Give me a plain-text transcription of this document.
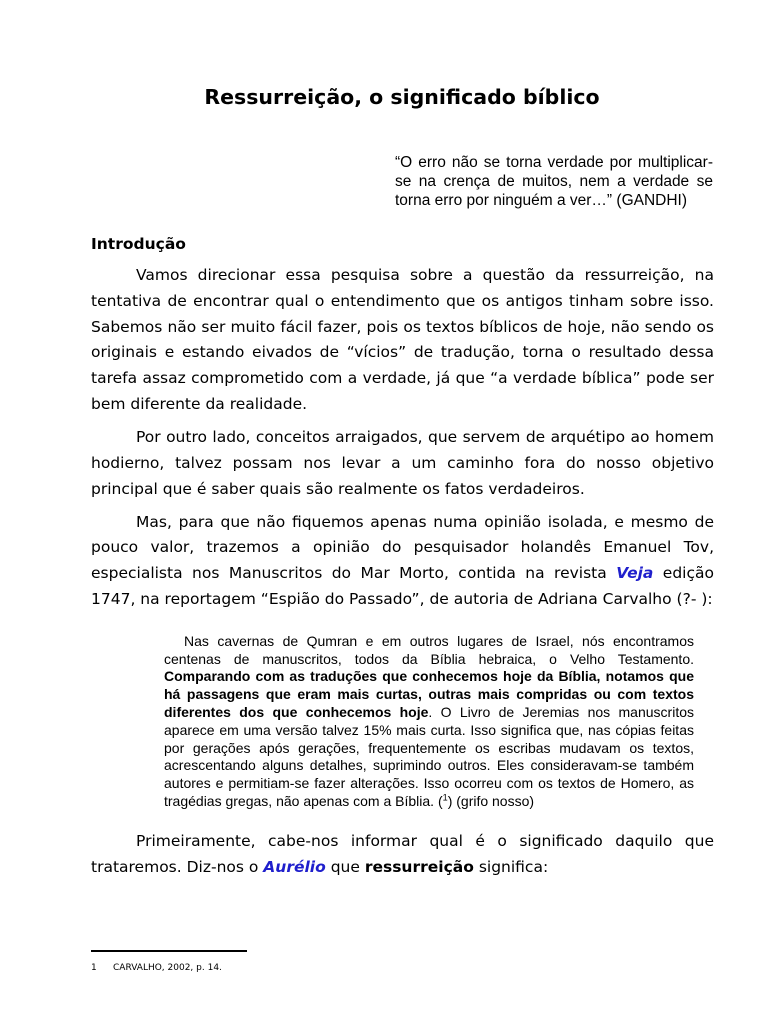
Ressurreição, o significado bíblico

“O erro não se torna verdade por multiplicar-se na crença de muitos, nem a verdade se torna erro por ninguém a ver…” (GANDHI)

Introdução

Vamos direcionar essa pesquisa sobre a questão da ressurreição, na tentativa de encontrar qual o entendimento que os antigos tinham sobre isso. Sabemos não ser muito fácil fazer, pois os textos bíblicos de hoje, não sendo os originais e estando eivados de “vícios” de tradução, torna o resultado dessa tarefa assaz comprometido com a verdade, já que “a verdade bíblica” pode ser bem diferente da realidade.

Por outro lado, conceitos arraigados, que servem de arquétipo ao homem hodierno, talvez possam nos levar a um caminho fora do nosso objetivo principal que é saber quais são realmente os fatos verdadeiros.

Mas, para que não fiquemos apenas numa opinião isolada, e mesmo de pouco valor, trazemos a opinião do pesquisador holandês Emanuel Tov, especialista nos Manuscritos do Mar Morto, contida na revista Veja edição 1747, na reportagem “Espião do Passado”, de autoria de Adriana Carvalho (?- ):

Nas cavernas de Qumran e em outros lugares de Israel, nós encontramos centenas de manuscritos, todos da Bíblia hebraica, o Velho Testamento. Comparando com as traduções que conhecemos hoje da Bíblia, notamos que há passagens que eram mais curtas, outras mais compridas ou com textos diferentes dos que conhecemos hoje. O Livro de Jeremias nos manuscritos aparece em uma versão talvez 15% mais curta. Isso significa que, nas cópias feitas por gerações após gerações, frequentemente os escribas mudavam os textos, acrescentando alguns detalhes, suprimindo outros. Eles consideravam-se também autores e permitiam-se fazer alterações. Isso ocorreu com os textos de Homero, as tragédias gregas, não apenas com a Bíblia. ($^1$) (grifo nosso)

Primeiramente, cabe-nos informar qual é o significado daquilo que trataremos. Diz-nos o Aurélio que ressurreição significa:

1 CARVALHO, 2002, p. 14.
